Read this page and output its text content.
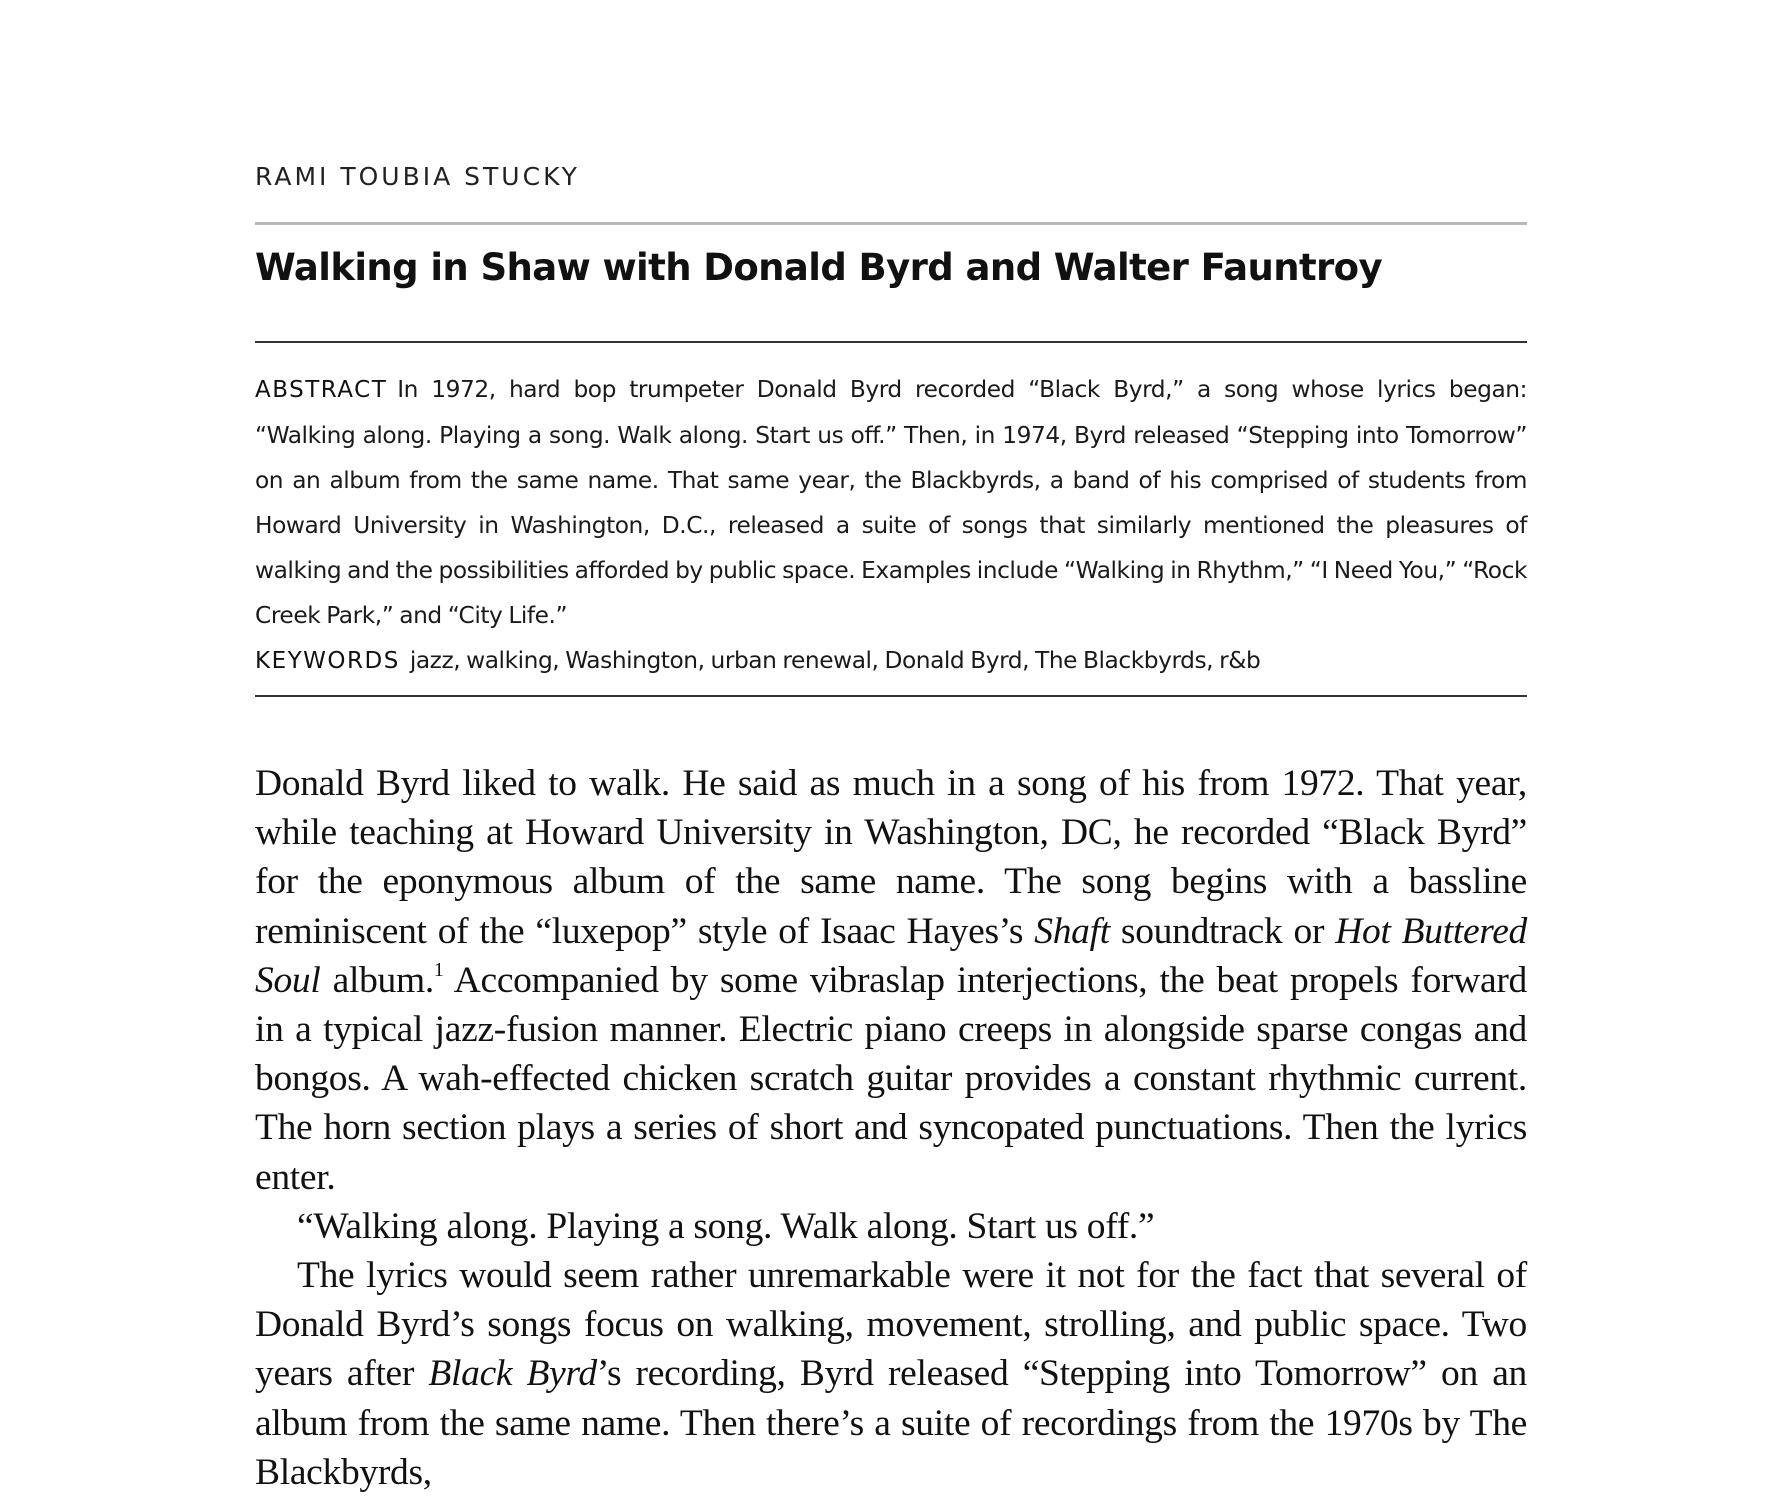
RAMI TOUBIA STUCKY
Walking in Shaw with Donald Byrd and Walter Fauntroy

ABSTRACT In 1972, hard bop trumpeter Donald Byrd recorded “Black Byrd,” a song whose lyrics began: “Walking along. Playing a song. Walk along. Start us off.” Then, in 1974, Byrd released “Stepping into Tomorrow” on an album from the same name. That same year, the Blackbyrds, a band of his comprised of students from Howard University in Washington, D.C., released a suite of songs that similarly mentioned the pleasures of walking and the possibilities afforded by public space. Examples include “Walking in Rhythm,” “I Need You,” “Rock Creek Park,” and “City Life.”

KEYWORDS jazz, walking, Washington, urban renewal, Donald Byrd, The Blackbyrds, r&b

Donald Byrd liked to walk. He said as much in a song of his from 1972. That year, while teaching at Howard University in Washington, DC, he recorded “Black Byrd” for the eponymous album of the same name. The song begins with a bassline reminiscent of the “luxepop” style of Isaac Hayes’s Shaft soundtrack or Hot Buttered Soul album.$^1$ Accompanied by some vibraslap interjections, the beat propels forward in a typical jazz-fusion manner. Electric piano creeps in alongside sparse congas and bongos. A wah-effected chicken scratch guitar provides a constant rhythmic current. The horn section plays a series of short and syncopated punctuations. Then the lyrics enter.

“Walking along. Playing a song. Walk along. Start us off.”

The lyrics would seem rather unremarkable were it not for the fact that several of Donald Byrd’s songs focus on walking, movement, strolling, and public space. Two years after Black Byrd’s recording, Byrd released “Stepping into Tomorrow” on an album from the same name. Then there’s a suite of recordings from the 1970s by The Blackbyrds,
